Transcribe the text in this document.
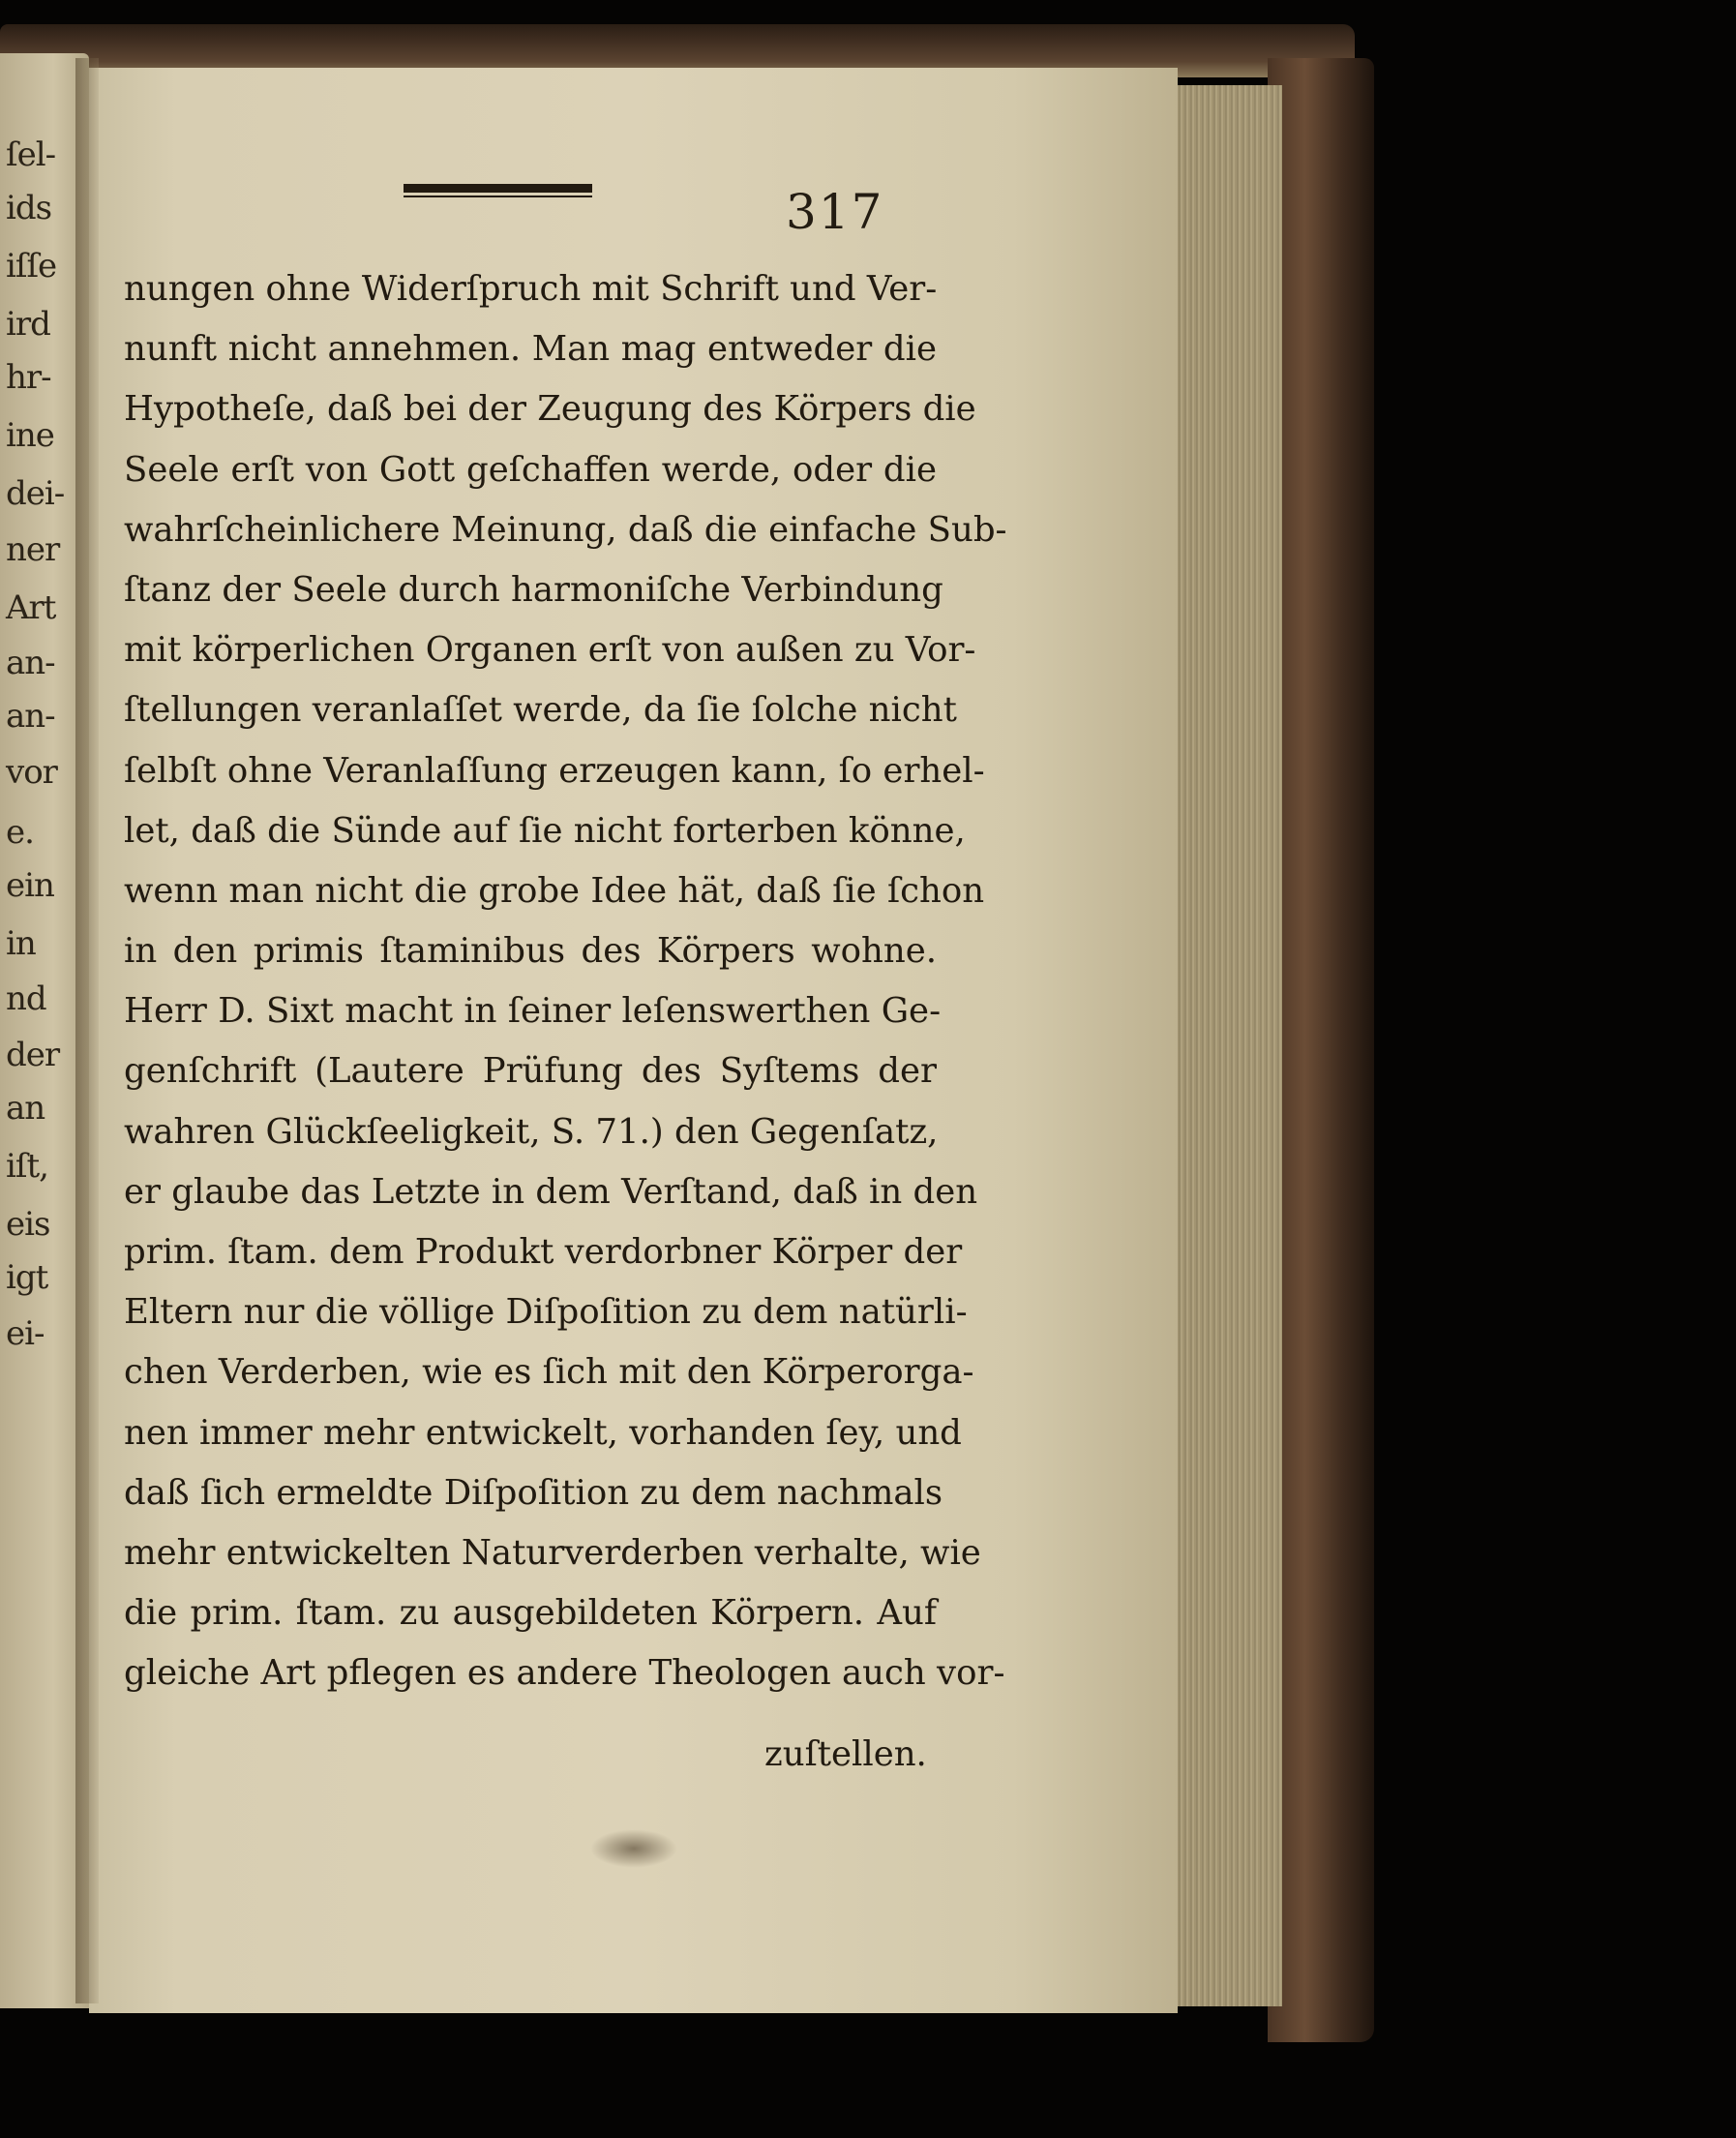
ſel-
ids
iſſe
ird
hr-
ine
dei-
ner
Art
an-
an-
vor
e.
ein
in
nd
der
an
iſt,
eis
igt
ei-
317
nungen ohne Widerſpruch mit Schrift und Ver-
nunft nicht annehmen. Man mag entweder die
Hypotheſe, daß bei der Zeugung des Körpers die
Seele erſt von Gott geſchaffen werde, oder die
wahrſcheinlichere Meinung, daß die einfache Sub-
ſtanz der Seele durch harmoniſche Verbindung
mit körperlichen Organen erſt von außen zu Vor-
ſtellungen veranlaſſet werde, da ſie ſolche nicht
ſelbſt ohne Veranlaſſung erzeugen kann, ſo erhel-
let, daß die Sünde auf ſie nicht forterben könne,
wenn man nicht die grobe Idee hät, daß ſie ſchon
in den primis ſtaminibus des Körpers wohne.
Herr D. Sixt macht in ſeiner leſenswerthen Ge-
genſchrift (Lautere Prüfung des Syſtems der
wahren Glückſeeligkeit, S. 71.) den Gegenſatz,
er glaube das Letzte in dem Verſtand, daß in den
prim. ſtam. dem Produkt verdorbner Körper der
Eltern nur die völlige Diſpoſition zu dem natürli-
chen Verderben, wie es ſich mit den Körperorga-
nen immer mehr entwickelt, vorhanden ſey, und
daß ſich ermeldte Diſpoſition zu dem nachmals
mehr entwickelten Naturverderben verhalte, wie
die prim. ſtam. zu ausgebildeten Körpern. Auf
gleiche Art pflegen es andere Theologen auch vor-
zuſtellen.
